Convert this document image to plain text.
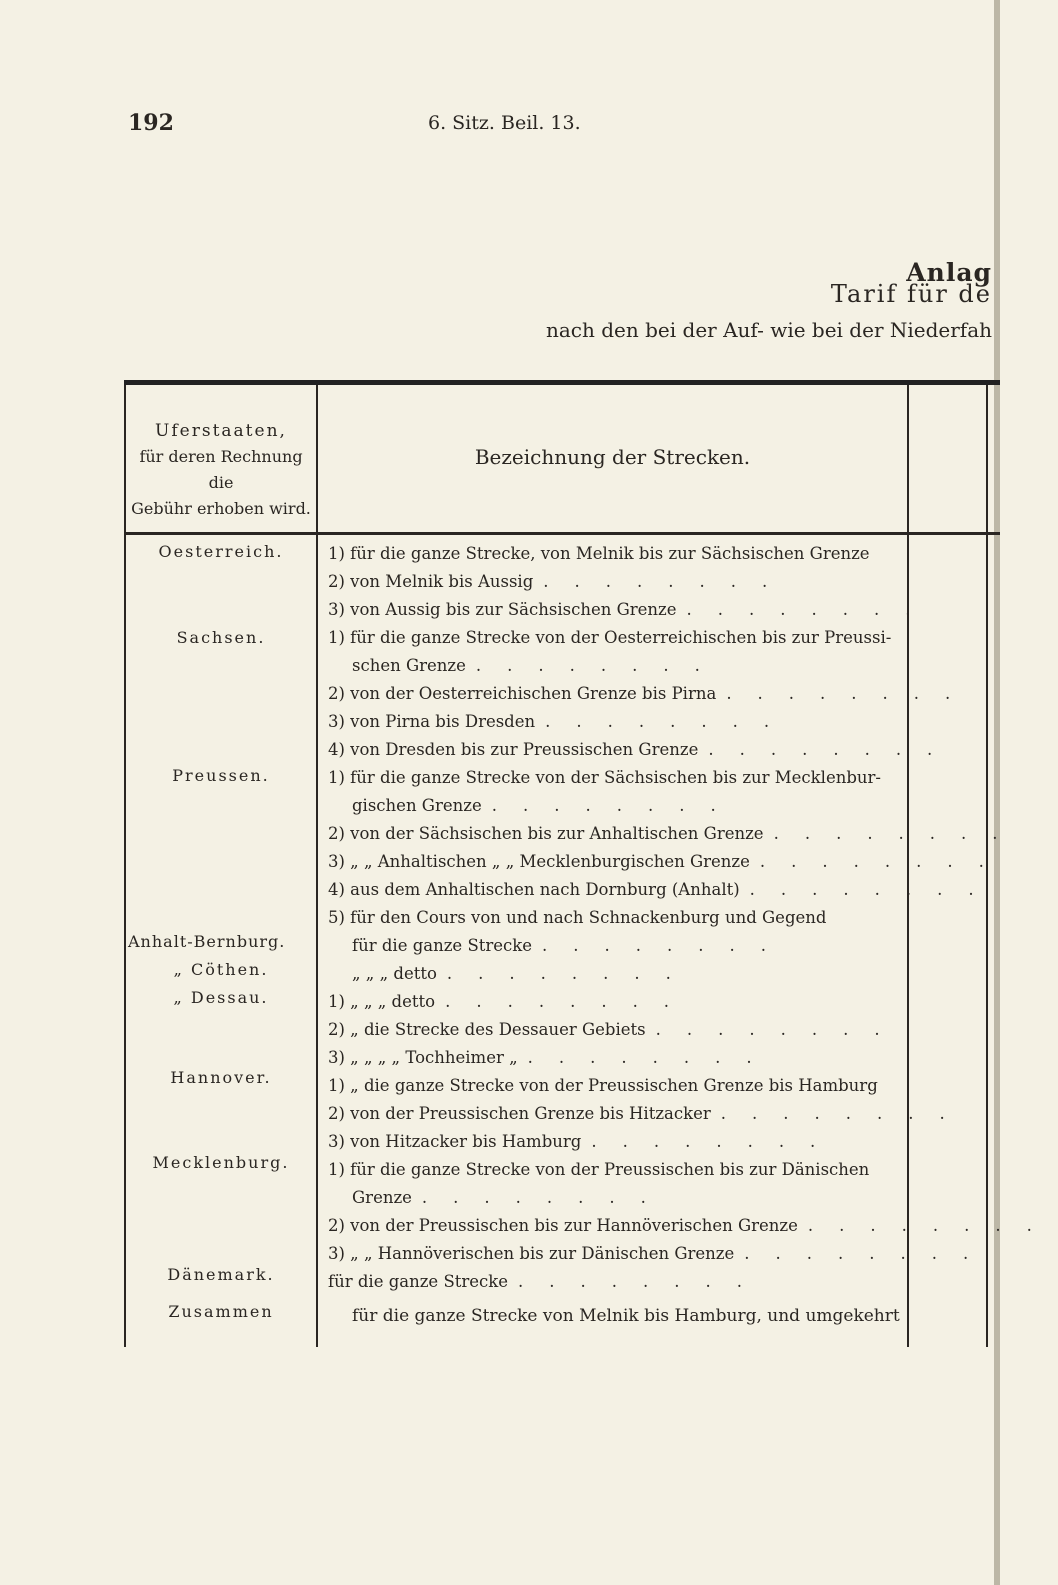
192	6. Sitz. Beil. 13.
Anlag
Tarif für de
nach den bei der Auf- wie bei der Niederfah
Uferstaaten,
für deren Rechnung die
Gebühr erhoben wird.
Bezeichnung der Strecken.
Oesterreich.
Sachsen.
Preussen.
Anhalt-Bernburg.
„ Cöthen.
„ Dessau.
Hannover.
Mecklenburg.
Dänemark.
Zusammen
1) für die ganze Strecke, von Melnik bis zur Sächsischen Grenze
2) von Melnik bis Aussig ........
3) von Aussig bis zur Sächsischen Grenze ........
1) für die ganze Strecke von der Oesterreichischen bis zur Preussi-
schen Grenze ........
2) von der Oesterreichischen Grenze bis Pirna ........
3) von Pirna bis Dresden ........
4) von Dresden bis zur Preussischen Grenze ........
1) für die ganze Strecke von der Sächsischen bis zur Mecklenbur-
gischen Grenze ........
2) von der Sächsischen bis zur Anhaltischen Grenze ........
3) „ „ Anhaltischen „ „ Mecklenburgischen Grenze ........
4) aus dem Anhaltischen nach Dornburg (Anhalt) ........
5) für den Cours von und nach Schnackenburg und Gegend
für die ganze Strecke ........
„ „ „ detto ........
1) „ „ „ detto ........
2) „ die Strecke des Dessauer Gebiets ........
3) „ „ „ „ Tochheimer „ ........
1) „ die ganze Strecke von der Preussischen Grenze bis Hamburg
2) von der Preussischen Grenze bis Hitzacker ........
3) von Hitzacker bis Hamburg ........
1) für die ganze Strecke von der Preussischen bis zur Dänischen
Grenze ........
2) von der Preussischen bis zur Hannöverischen Grenze ........
3) „ „ Hannöverischen bis zur Dänischen Grenze ........
für die ganze Strecke ........
für die ganze Strecke von Melnik bis Hamburg, und umgekehrt
